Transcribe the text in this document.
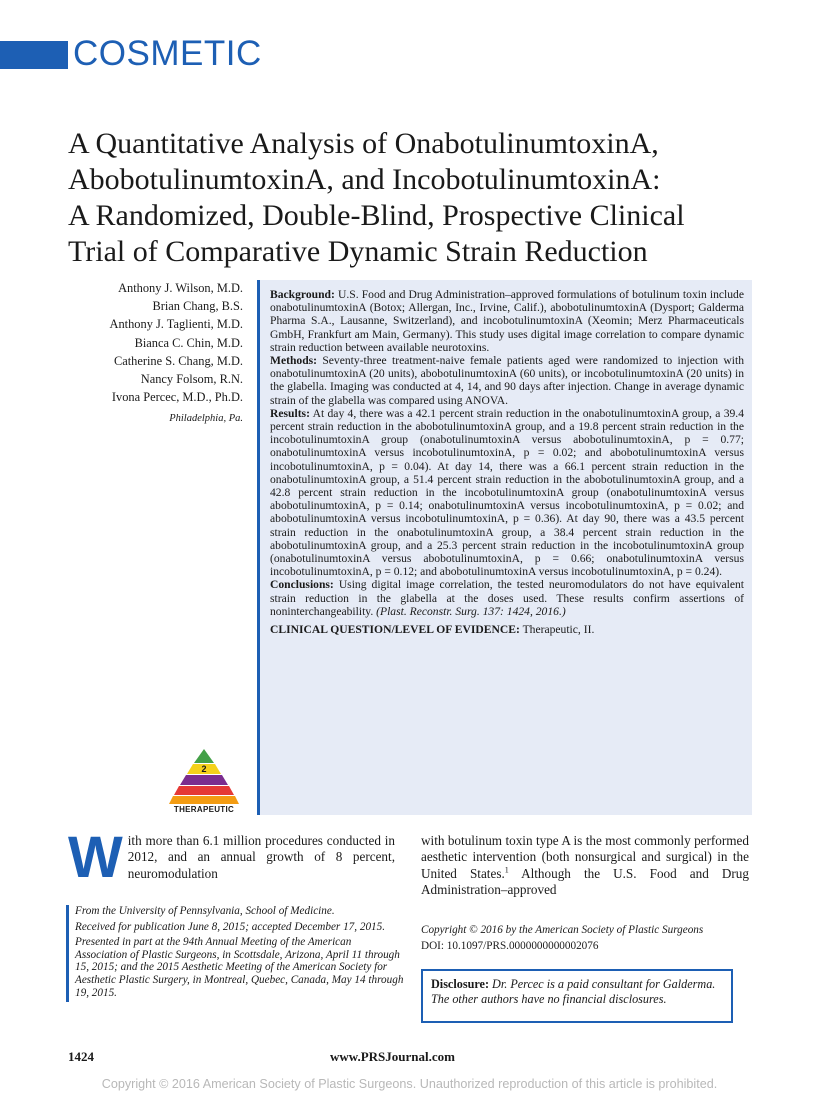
COSMETIC
A Quantitative Analysis of OnabotulinumtoxinA,
AbobotulinumtoxinA, and IncobotulinumtoxinA:
A Randomized, Double-Blind, Prospective Clinical
Trial of Comparative Dynamic Strain Reduction
Anthony J. Wilson, M.D.
Brian Chang, B.S.
Anthony J. Taglienti, M.D.
Bianca C. Chin, M.D.
Catherine S. Chang, M.D.
Nancy Folsom, R.N.
Ivona Percec, M.D., Ph.D.
Philadelphia, Pa.

Background: U.S. Food and Drug Administration–approved formulations of botulinum toxin include onabotulinumtoxinA (Botox; Allergan, Inc., Irvine, Calif.), abobotulinumtoxinA (Dysport; Galderma Pharma S.A., Lausanne, Switzerland), and incobotulinumtoxinA (Xeomin; Merz Pharmaceuticals GmbH, Frankfurt am Main, Germany). This study uses digital image correlation to compare dynamic strain reduction between available neurotoxins.

Methods: Seventy-three treatment-naive female patients aged were randomized to injection with onabotulinumtoxinA (20 units), abobotulinumtoxinA (60 units), or incobotulinumtoxinA (20 units) in the glabella. Imaging was conducted at 4, 14, and 90 days after injection. Change in average dynamic strain of the glabella was compared using ANOVA.

Results: At day 4, there was a 42.1 percent strain reduction in the onabotulinumtoxinA group, a 39.4 percent strain reduction in the abobotulinumtoxinA group, and a 19.8 percent strain reduction in the incobotulinumtoxinA group (onabotulinumtoxinA versus abobotulinumtoxinA, p = 0.77; onabotulinumtoxinA versus incobotulinumtoxinA, p = 0.02; and abobotulinumtoxinA versus incobotulinumtoxinA, p = 0.04). At day 14, there was a 66.1 percent strain reduction in the onabotulinumtoxinA group, a 51.4 percent strain reduction in the abobotulinumtoxinA group, and a 42.8 percent strain reduction in the incobotulinumtoxinA group (onabotulinumtoxinA versus abobotulinumtoxinA, p = 0.14; onabotulinumtoxinA versus incobotulinumtoxinA, p = 0.02; and abobotulinumtoxinA versus incobotulinumtoxinA, p = 0.36). At day 90, there was a 43.5 percent strain reduction in the onabotulinumtoxinA group, a 38.4 percent strain reduction in the abobotulinumtoxinA group, and a 25.3 percent strain reduction in the incobotulinumtoxinA group (onabotulinumtoxinA versus abobotulinumtoxinA, p = 0.66; onabotulinumtoxinA versus incobotulinumtoxinA, p = 0.12; and abobotulinumtoxinA versus incobotulinumtoxinA, p = 0.24).

Conclusions: Using digital image correlation, the tested neuromodulators do not have equivalent strain reduction in the glabella at the doses used. These results confirm assertions of noninterchangeability. (Plast. Reconstr. Surg. 137: 1424, 2016.)

CLINICAL QUESTION/LEVEL OF EVIDENCE: Therapeutic, II.

2
THERAPEUTIC
With more than 6.1 million procedures conducted in 2012, and an annual growth of 8 percent, neuromodulation
with botulinum toxin type A is the most commonly performed aesthetic intervention (both nonsurgical and surgical) in the United States.$^1$ Although the U.S. Food and Drug Administration–approved

From the University of Pennsylvania, School of Medicine.

Received for publication June 8, 2015; accepted December 17, 2015.

Presented in part at the 94th Annual Meeting of the American Association of Plastic Surgeons, in Scottsdale, Arizona, April 11 through 15, 2015; and the 2015 Aesthetic Meeting of the American Society for Aesthetic Plastic Surgery, in Montreal, Quebec, Canada, May 14 through 19, 2015.

Copyright © 2016 by the American Society of Plastic Surgeons
DOI: 10.1097/PRS.0000000000002076
Disclosure: Dr. Percec is a paid consultant for Galderma. The other authors have no financial disclosures.
1424	www.PRSJournal.com
Copyright © 2016 American Society of Plastic Surgeons. Unauthorized reproduction of this article is prohibited.
